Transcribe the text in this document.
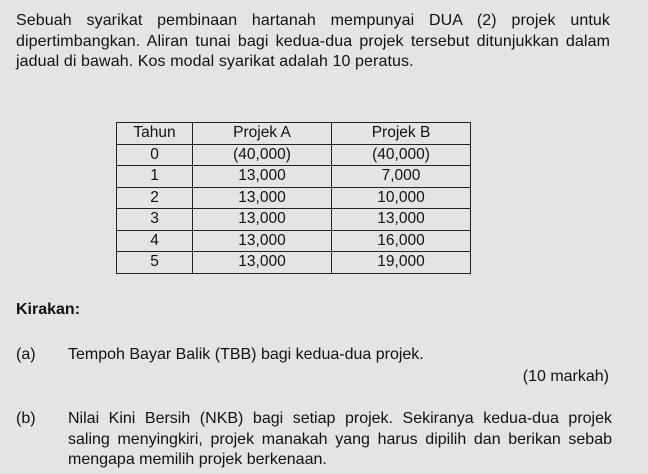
Sebuah syarikat pembinaan hartanah mempunyai DUA (2) projek untuk dipertimbangkan. Aliran tunai bagi kedua-dua projek tersebut ditunjukkan dalam jadual di bawah. Kos modal syarikat adalah 10 peratus.
Tahun	Projek A	Projek B
0	(40,000)	(40,000)
1	13,000	7,000
2	13,000	10,000
3	13,000	13,000
4	13,000	16,000
5	13,000	19,000
Kirakan:
(a) Tempoh Bayar Balik (TBB) bagi kedua-dua projek.
(10 markah)
(b) Nilai Kini Bersih (NKB) bagi setiap projek. Sekiranya kedua-dua projek saling menyingkiri, projek manakah yang harus dipilih dan berikan sebab mengapa memilih projek berkenaan.
